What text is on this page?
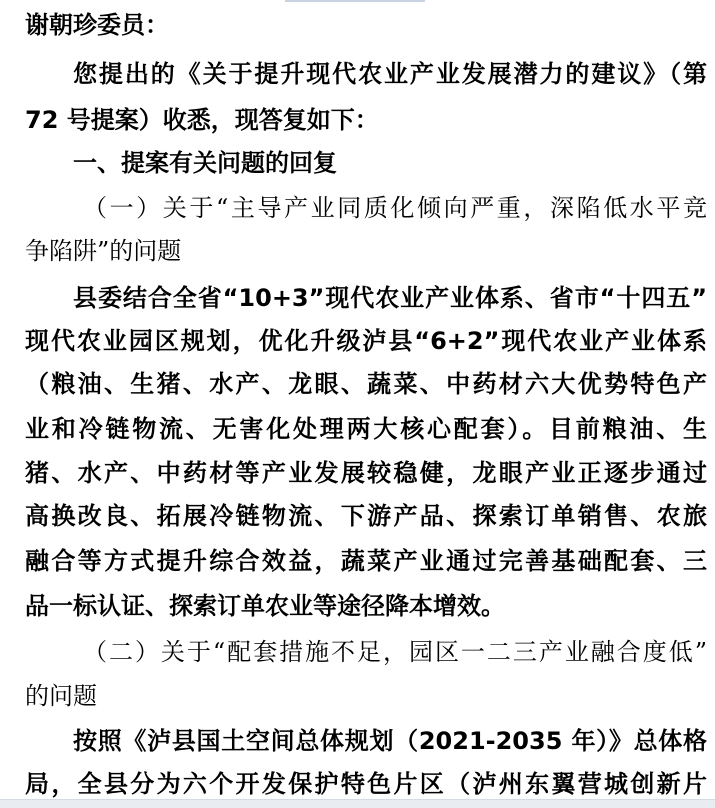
谢朝珍委员：
您提出的《关于提升现代农业产业发展潜力的建议》（第
72 号提案）收悉，现答复如下：
一、提案有关问题的回复
（一）关于“主导产业同质化倾向严重，深陷低水平竞
争陷阱”的问题
县委结合全省“10+3”现代农业产业体系、省市“十四五”
现代农业园区规划，优化升级泸县“6+2”现代农业产业体系
（粮油、生猪、水产、龙眼、蔬菜、中药材六大优势特色产
业和冷链物流、无害化处理两大核心配套）。目前粮油、生
猪、水产、中药材等产业发展较稳健，龙眼产业正逐步通过
高换改良、拓展冷链物流、下游产品、探索订单销售、农旅
融合等方式提升综合效益，蔬菜产业通过完善基础配套、三
品一标认证、探索订单农业等途径降本增效。
（二）关于“配套措施不足，园区一二三产业融合度低”
的问题
按照《泸县国土空间总体规划（2021-2035 年）》总体格
局，全县分为六个开发保护特色片区（泸州东翼营城创新片
